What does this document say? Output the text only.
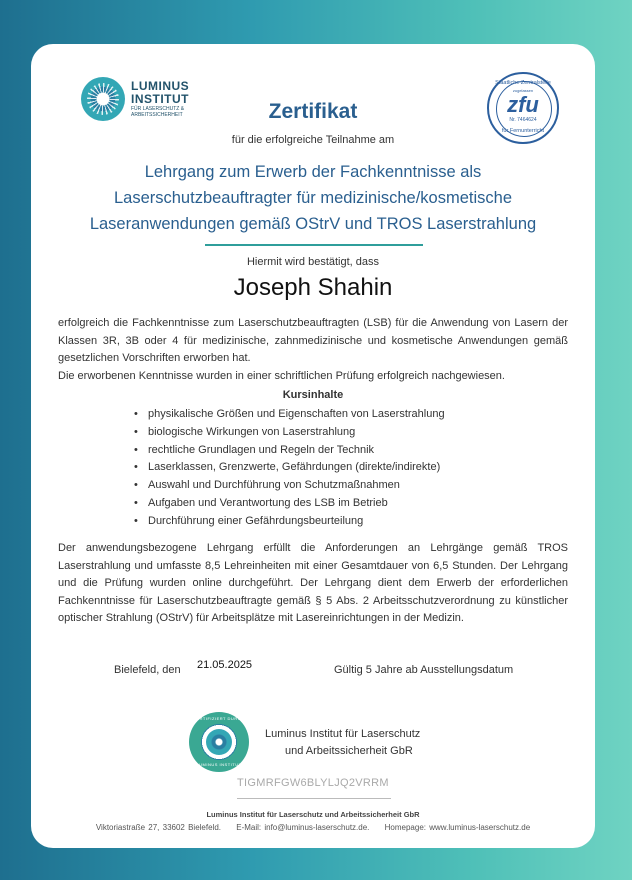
LUMINUS
INSTITUT
FÜR LASERSCHUTZ & ARBEITSSICHERHEIT
Staatliche Zentralstelle
zugelassen
zfu
Nr. 7464624
für Fernunterricht
Zertifikat
für die erfolgreiche Teilnahme am
Lehrgang zum Erwerb der Fachkenntnisse als
Laserschutzbeauftragter für medizinische/kosmetische
Laseranwendungen gemäß OStrV und TROS Laserstrahlung
Hiermit wird bestätigt, dass
Joseph Shahin
erfolgreich die Fachkenntnisse zum Laserschutzbeauftragten (LSB) für die Anwendung von Lasern der Klassen 3R, 3B oder 4 für medizinische, zahnmedizinische und kosmetische Anwendungen gemäß gesetzlichen Vorschriften erworben hat.
Die erworbenen Kenntnisse wurden in einer schriftlichen Prüfung erfolgreich nachgewiesen.
Kursinhalte
• physikalische Größen und Eigenschaften von Laserstrahlung
• biologische Wirkungen von Laserstrahlung
• rechtliche Grundlagen und Regeln der Technik
• Laserklassen, Grenzwerte, Gefährdungen (direkte/indirekte)
• Auswahl und Durchführung von Schutzmaßnahmen
• Aufgaben und Verantwortung des LSB im Betrieb
• Durchführung einer Gefährdungsbeurteilung
Der anwendungsbezogene Lehrgang erfüllt die Anforderungen an Lehrgänge gemäß TROS Laserstrahlung und umfasste 8,5 Lehreinheiten mit einer Gesamtdauer von 6,5 Stunden. Der Lehrgang und die Prüfung wurden online durchgeführt. Der Lehrgang dient dem Erwerb der erforderlichen Fachkenntnisse für Laserschutzbeauftragte gemäß § 5 Abs. 2 Arbeitsschutzverordnung zu künstlicher optischer Strahlung (OStrV) für Arbeitsplätze mit Lasereinrichtungen in der Medizin.
Bielefeld, den 21.05.2025	Gültig 5 Jahre ab Ausstellungsdatum
ZERTIFIZIERT DURCH
LUMINUS INSTITUT
Luminus Institut für Laserschutz
und Arbeitssicherheit GbR
TIGMRFGW6BLYLJQ2VRRM
Luminus Institut für Laserschutz und Arbeitssicherheit GbR
Viktoriastraße 27, 33602 Bielefeld. E-Mail: info@luminus-laserschutz.de. Homepage: www.luminus-laserschutz.de
